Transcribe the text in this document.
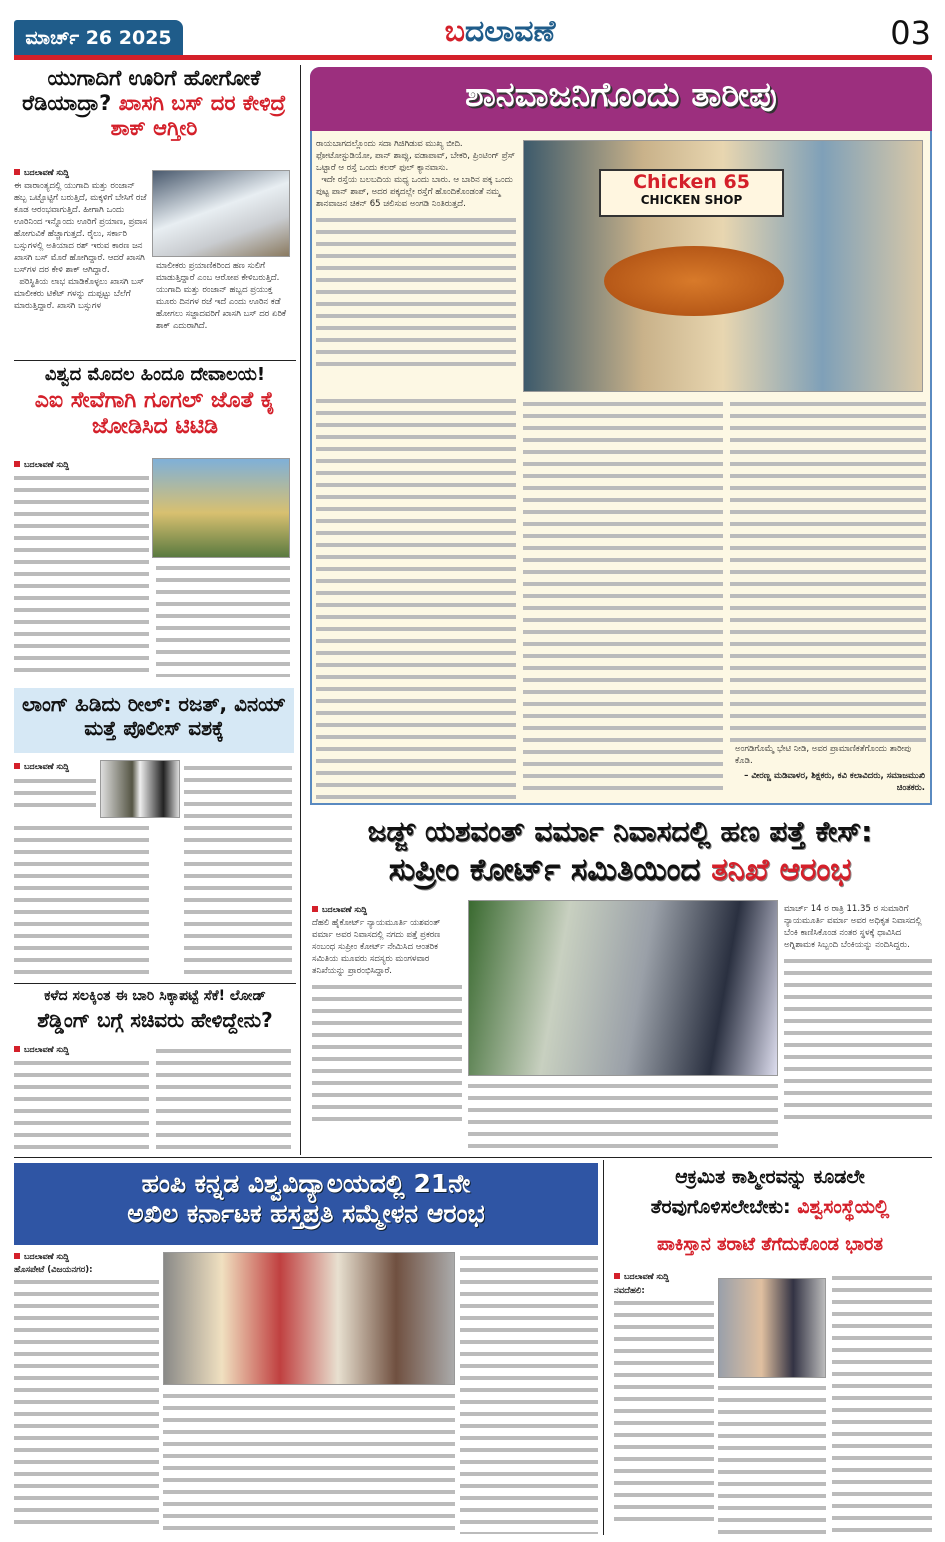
ಮಾರ್ಚ್ 26 2025	ಬದಲಾವಣೆ	03
ಯುಗಾದಿಗೆ ಊರಿಗೆ ಹೋಗೋಕೆ ರೆಡಿಯಾದ್ರಾ? ಖಾಸಗಿ ಬಸ್ ದರ ಕೇಳಿದ್ರೆ ಶಾಕ್ ಆಗ್ತೀರಿ
ಬದಲಾವಣೆ ಸುದ್ದಿ
ಈ ವಾರಾಂತ್ಯದಲ್ಲಿ ಯುಗಾದಿ ಮತ್ತು ರಂಜಾನ್ ಹಬ್ಬ ಒಟ್ಟೊಟ್ಟಿಗೆ ಬರುತ್ತಿದೆ, ಮಕ್ಕಳಿಗೆ ಬೇಸಿಗೆ ರಜೆ ಕೂಡ ಆರಂಭವಾಗುತ್ತಿದೆ. ಹೀಗಾಗಿ ಒಂದು ಊರಿನಿಂದ ಇನ್ನೊಂದು ಊರಿಗೆ ಪ್ರಯಾಣ, ಪ್ರವಾಸ ಹೋಗುವಿಕೆ ಹೆಚ್ಚಾಗುತ್ತದೆ. ರೈಲು, ಸರ್ಕಾರಿ ಬಸ್ಸುಗಳಲ್ಲಿ ಅತಿಯಾದ ರಶ್ ಇರುವ ಕಾರಣ ಜನ ಖಾಸಗಿ ಬಸ್ ಮೊರೆ ಹೋಗಿದ್ದಾರೆ. ಆದರೆ ಖಾಸಗಿ ಬಸ್‌ಗಳ ದರ ಕೇಳಿ ಶಾಕ್ ಆಗಿದ್ದಾರೆ.
ಪರಿಸ್ಥಿತಿಯ ಲಾಭ ಮಾಡಿಕೊಳ್ಳಲು ಖಾಸಗಿ ಬಸ್ ಮಾಲೀಕರು ಟಿಕೆಟ್ ಗಳನ್ನು ದುಪ್ಪಟ್ಟು ಬೆಲೆಗೆ ಮಾರುತ್ತಿದ್ದಾರೆ. ಖಾಸಗಿ ಬಸ್ಸುಗಳ
ಮಾಲೀಕರು ಪ್ರಯಾಣಿಕರಿಂದ ಹಣ ಸುಲಿಗೆ ಮಾಡುತ್ತಿದ್ದಾರೆ ಎಂಬ ಆರೋಪ ಕೇಳಿಬರುತ್ತಿದೆ. ಯುಗಾದಿ ಮತ್ತು ರಂಜಾನ್ ಹಬ್ಬದ ಪ್ರಯುಕ್ತ ಮೂರು ದಿನಗಳ ರಜೆ ಇದೆ ಎಂದು ಊರಿನ ಕಡೆ ಹೋಗಲು ಸಜ್ಜಾದವರಿಗೆ ಖಾಸಗಿ ಬಸ್ ದರ ಏರಿಕೆ ಶಾಕ್ ಎದುರಾಗಿದೆ.
ವಿಶ್ವದ ಮೊದಲ ಹಿಂದೂ ದೇವಾಲಯ!
ಎಐ ಸೇವೆಗಾಗಿ ಗೂಗಲ್ ಜೊತೆ ಕೈ ಜೋಡಿಸಿದ ಟಿಟಿಡಿ
ಬದಲಾವಣೆ ಸುದ್ದಿ
ಲಾಂಗ್ ಹಿಡಿದು ರೀಲ್: ರಜತ್, ವಿನಯ್ ಮತ್ತೆ ಪೊಲೀಸ್ ವಶಕ್ಕೆ
ಬದಲಾವಣೆ ಸುದ್ದಿ
ಕಳೆದ ಸಲಕ್ಕಿಂತ ಈ ಬಾರಿ ಸಿಕ್ಕಾಪಟ್ಟೆ ಸೆಕೆ! ಲೋಡ್
ಶೆಡ್ಡಿಂಗ್ ಬಗ್ಗೆ ಸಚಿವರು ಹೇಳಿದ್ದೇನು?
ಬದಲಾವಣೆ ಸುದ್ದಿ
ಶಾನವಾಜನಿಗೊಂದು ತಾರೀಪು
ರಾಯಬಾಗದಲ್ಲೊಂದು ಸದಾ ಗಿಜಿಗಿಡುವ ಮುಖ್ಯ ಬೀದಿ. ಫೋಟೋಸ್ಟುಡಿಯೋ, ಪಾನ್ ಶಾಪ್ಸು, ವಡಾಪಾವ್, ಬೇಕರಿ, ಪ್ರಿಂಟಿಂಗ್ ಪ್ರೆಸ್ ಒಟ್ಟಾರೆ ಆ ರಸ್ತೆ ಒಂದು ಕಲರ್ ಫುಲ್ ಕ್ಯಾನವಾಸು.
ಇದೇ ರಸ್ತೆಯ ಬಲಬದಿಯ ಮಧ್ಯ ಒಂದು ಬಾರು. ಆ ಬಾರಿನ ಪಕ್ಕ ಒಂದು ಪುಟ್ಟ ಪಾನ್ ಶಾಪ್, ಅದರ ಪಕ್ಕದಲ್ಲೇ ರಸ್ತೆಗೆ ಹೊಂದಿಕೊಂಡಂತೆ ನಮ್ಮ ಶಾನವಾಜನ ಚಿಕನ್ 65 ಚಲಿಸುವ ಅಂಗಡಿ ನಿಂತಿರುತ್ತದೆ.
Chicken 65
CHICKEN SHOP
ಅಂಗಡಿಗೊಮ್ಮೆ ಭೇಟಿ ನೀಡಿ, ಅವರ ಪ್ರಾಮಾಣಿಕತೆಗೊಂದು ತಾರೀಪು ಕೊಡಿ.
– ವೀರಣ್ಣ ಮಡಿವಾಳರ, ಶಿಕ್ಷಕರು, ಕವಿ ಕಲಾವಿದರು, ಸಮಾಜಮುಖಿ ಚಿಂತಕರು.
ಜಡ್ಜ್ ಯಶವಂತ್ ವರ್ಮಾ ನಿವಾಸದಲ್ಲಿ ಹಣ ಪತ್ತೆ ಕೇಸ್:
ಸುಪ್ರೀಂ ಕೋರ್ಟ್ ಸಮಿತಿಯಿಂದ ತನಿಖೆ ಆರಂಭ
ಬದಲಾವಣೆ ಸುದ್ದಿ
ದೆಹಲಿ ಹೈಕೋರ್ಟ್ ನ್ಯಾಯಮೂರ್ತಿ ಯಶವಂತ್ ವರ್ಮಾ ಅವರ ನಿವಾಸದಲ್ಲಿ ನಗದು ಪತ್ತೆ ಪ್ರಕರಣ ಸಂಬಂಧ ಸುಪ್ರೀಂ ಕೋರ್ಟ್ ನೇಮಿಸಿದ ಆಂತರಿಕ ಸಮಿತಿಯ ಮೂವರು ಸದಸ್ಯರು ಮಂಗಳವಾರ ತನಿಖೆಯನ್ನು ಪ್ರಾರಂಭಿಸಿದ್ದಾರೆ.
ಮಾರ್ಚ್ 14 ರ ರಾತ್ರಿ 11.35 ರ ಸುಮಾರಿಗೆ ನ್ಯಾಯಮೂರ್ತಿ ವರ್ಮಾ ಅವರ ಅಧಿಕೃತ ನಿವಾಸದಲ್ಲಿ ಬೆಂಕಿ ಕಾಣಿಸಿಕೊಂಡ ನಂತರ ಸ್ಥಳಕ್ಕೆ ಧಾವಿಸಿದ ಅಗ್ನಿಶಾಮಕ ಸಿಬ್ಬಂದಿ ಬೆಂಕಿಯನ್ನು ನಂದಿಸಿದ್ದರು.
ಹಂಪಿ ಕನ್ನಡ ವಿಶ್ವವಿದ್ಯಾಲಯದಲ್ಲಿ 21ನೇ
ಅಖಿಲ ಕರ್ನಾಟಕ ಹಸ್ತಪ್ರತಿ ಸಮ್ಮೇಳನ ಆರಂಭ
ಬದಲಾವಣೆ ಸುದ್ದಿ
ಹೊಸಪೇಟೆ (ವಿಜಯನಗರ):
ಆಕ್ರಮಿತ ಕಾಶ್ಮೀರವನ್ನು ಕೂಡಲೇ
ತೆರವುಗೊಳಿಸಲೇಬೇಕು: ವಿಶ್ವಸಂಸ್ಥೆಯಲ್ಲಿ
ಪಾಕಿಸ್ತಾನ ತರಾಟೆ ತೆಗೆದುಕೊಂಡ ಭಾರತ
ಬದಲಾವಣೆ ಸುದ್ದಿ
ನವದೆಹಲಿ:
